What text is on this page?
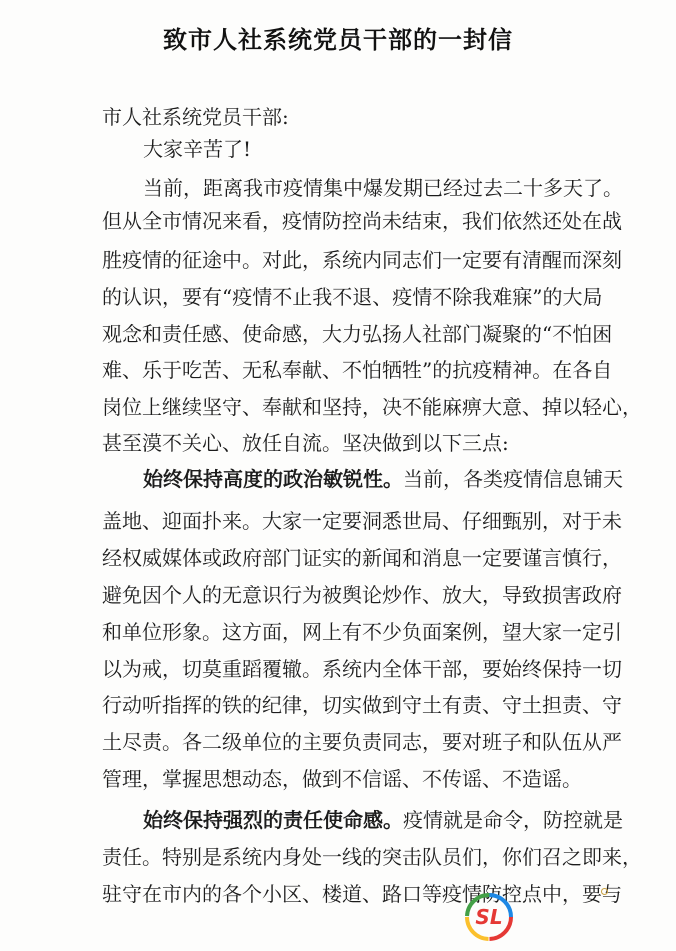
致市人社系统党员干部的一封信
市人社系统党员干部:
大家辛苦了!
当前，距离我市疫情集中爆发期已经过去二十多天了。
但从全市情况来看，疫情防控尚未结束，我们依然还处在战
胜疫情的征途中。对此，系统内同志们一定要有清醒而深刻
的认识，要有“疫情不止我不退、疫情不除我难寐”的大局
观念和责任感、使命感，大力弘扬人社部门凝聚的“不怕困
难、乐于吃苦、无私奉献、不怕牺牲”的抗疫精神。在各自
岗位上继续坚守、奉献和坚持，决不能麻痹大意、掉以轻心，
甚至漠不关心、放任自流。坚决做到以下三点:
始终保持高度的政治敏锐性。当前，各类疫情信息铺天
盖地、迎面扑来。大家一定要洞悉世局、仔细甄别，对于未
经权威媒体或政府部门证实的新闻和消息一定要谨言慎行，
避免因个人的无意识行为被舆论炒作、放大，导致损害政府
和单位形象。这方面，网上有不少负面案例，望大家一定引
以为戒，切莫重蹈覆辙。系统内全体干部，要始终保持一切
行动听指挥的铁的纪律，切实做到守土有责、守土担责、守
土尽责。各二级单位的主要负责同志，要对班子和队伍从严
管理，掌握思想动态，做到不信谣、不传谣、不造谣。
始终保持强烈的责任使命感。疫情就是命令，防控就是
责任。特别是系统内身处一线的突击队员们，你们召之即来，
驻守在市内的各个小区、楼道、路口等疫情防控点中，要与
SL
